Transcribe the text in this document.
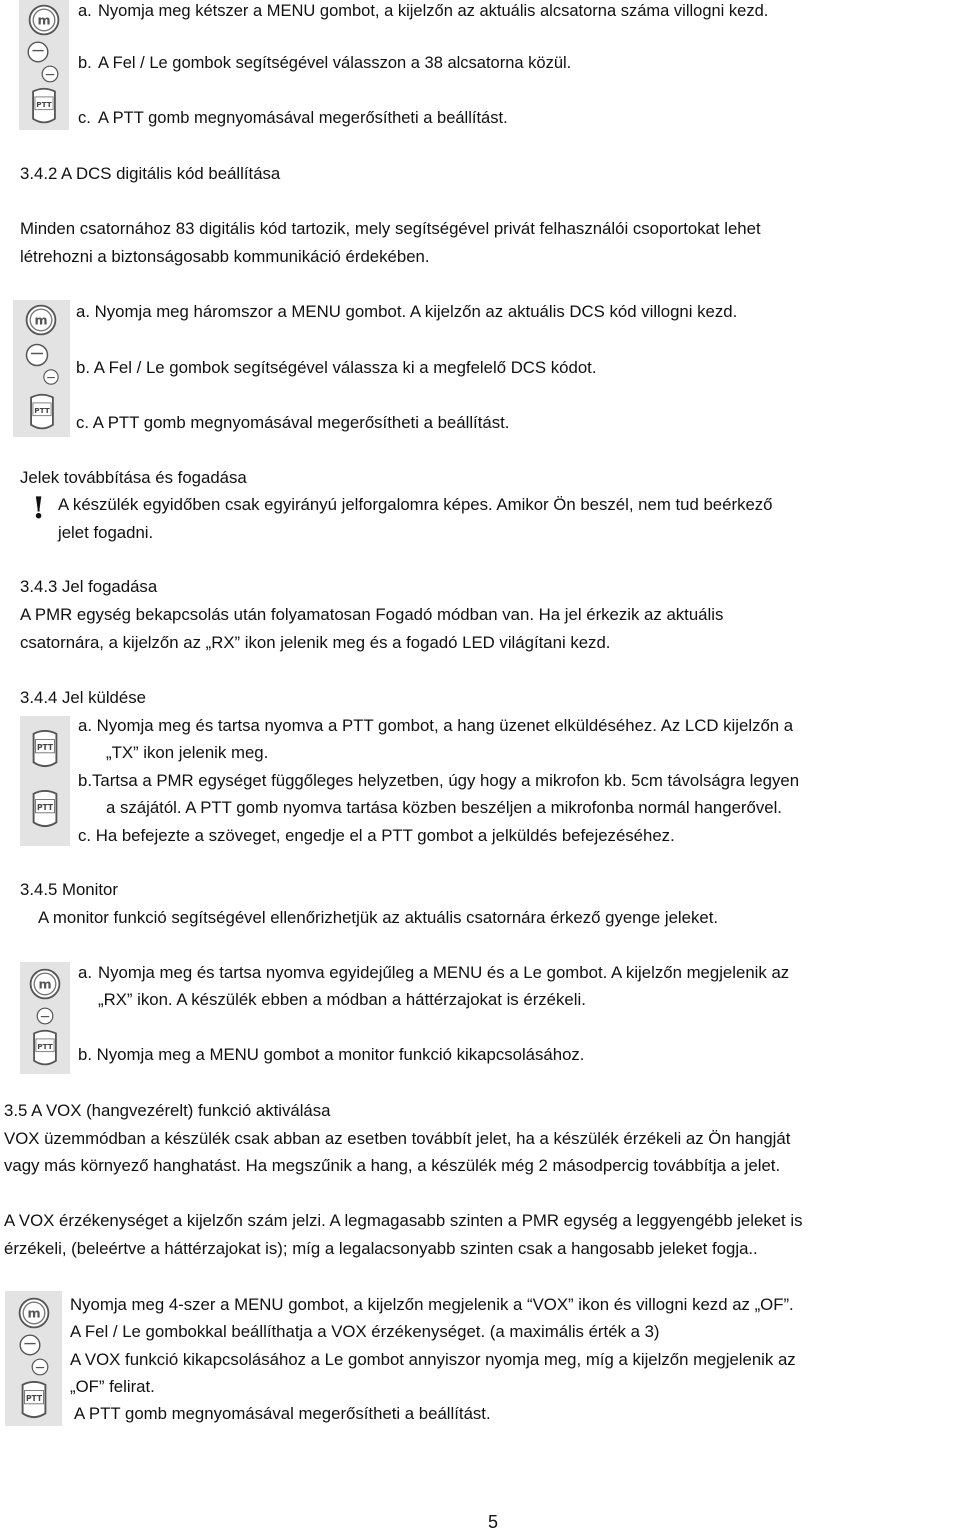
a. Nyomja meg kétszer a MENU gombot, a kijelzőn az aktuális alcsatorna száma villogni kezd.
b. A Fel / Le gombok segítségével válasszon a 38 alcsatorna közül.
c. A PTT gomb megnyomásával megerősítheti a beállítást.
3.4.2 A DCS digitális kód beállítása
Minden csatornához 83 digitális kód tartozik, mely segítségével privát felhasználói csoportokat lehet
létrehozni a biztonságosabb kommunikáció érdekében.
a. Nyomja meg háromszor a MENU gombot. A kijelzőn az aktuális DCS kód villogni kezd.
b. A Fel / Le gombok segítségével válassza ki a megfelelő DCS kódot.
c. A PTT gomb megnyomásával megerősítheti a beállítást.
Jelek továbbítása és fogadása
! A készülék egyidőben csak egyirányú jelforgalomra képes. Amikor Ön beszél, nem tud beérkező
jelet fogadni.
3.4.3 Jel fogadása
A PMR egység bekapcsolás után folyamatosan Fogadó módban van. Ha jel érkezik az aktuális
csatornára, a kijelzőn az „RX” ikon jelenik meg és a fogadó LED világítani kezd.
3.4.4 Jel küldése
a. Nyomja meg és tartsa nyomva a PTT gombot, a hang üzenet elküldéséhez. Az LCD kijelzőn a
„TX” ikon jelenik meg.
b.Tartsa a PMR egységet függőleges helyzetben, úgy hogy a mikrofon kb. 5cm távolságra legyen
a szájától. A PTT gomb nyomva tartása közben beszéljen a mikrofonba normál hangerővel.
c. Ha befejezte a szöveget, engedje el a PTT gombot a jelküldés befejezéséhez.
3.4.5 Monitor
A monitor funkció segítségével ellenőrizhetjük az aktuális csatornára érkező gyenge jeleket.
a. Nyomja meg és tartsa nyomva egyidejűleg a MENU és a Le gombot. A kijelzőn megjelenik az
„RX” ikon. A készülék ebben a módban a háttérzajokat is érzékeli.
b. Nyomja meg a MENU gombot a monitor funkció kikapcsolásához.
3.5 A VOX (hangvezérelt) funkció aktiválása
VOX üzemmódban a készülék csak abban az esetben továbbít jelet, ha a készülék érzékeli az Ön hangját
vagy más környező hanghatást. Ha megszűnik a hang, a készülék még 2 másodpercig továbbítja a jelet.
A VOX érzékenységet a kijelzőn szám jelzi. A legmagasabb szinten a PMR egység a leggyengébb jeleket is
érzékeli, (beleértve a háttérzajokat is); míg a legalacsonyabb szinten csak a hangosabb jeleket fogja..
Nyomja meg 4-szer a MENU gombot, a kijelzőn megjelenik a “VOX” ikon és villogni kezd az „OF”.
A Fel / Le gombokkal beállíthatja a VOX érzékenységet. (a maximális érték a 3)
A VOX funkció kikapcsolásához a Le gombot annyiszor nyomja meg, míg a kijelzőn megjelenik az
„OF” felirat.
A PTT gomb megnyomásával megerősítheti a beállítást.
5
